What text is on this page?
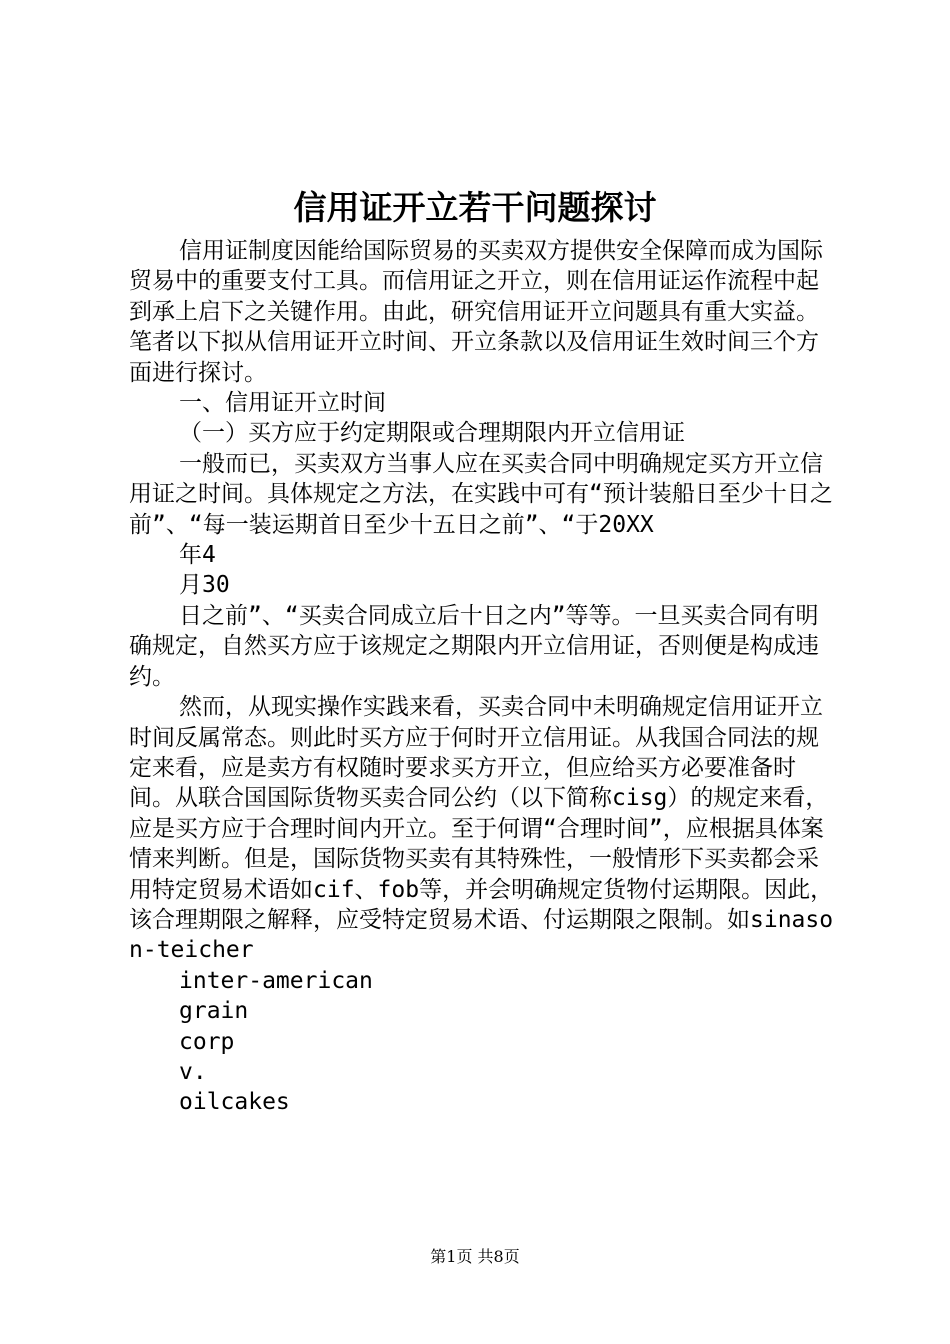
信用证开立若干问题探讨

信用证制度因能给国际贸易的买卖双方提供安全保障而成为国际贸易中的重要支付工具。而信用证之开立，则在信用证运作流程中起到承上启下之关键作用。由此，研究信用证开立问题具有重大实益。笔者以下拟从信用证开立时间、开立条款以及信用证生效时间三个方面进行探讨。

一、信用证开立时间

（一）买方应于约定期限或合理期限内开立信用证

一般而已，买卖双方当事人应在买卖合同中明确规定买方开立信用证之时间。具体规定之方法，在实践中可有“预计装船日至少十日之前”、“每一装运期首日至少十五日之前”、“于20XX

年4

月30

日之前”、“买卖合同成立后十日之内”等等。一旦买卖合同有明确规定，自然买方应于该规定之期限内开立信用证，否则便是构成违约。

然而，从现实操作实践来看，买卖合同中未明确规定信用证开立时间反属常态。则此时买方应于何时开立信用证。从我国合同法的规定来看，应是卖方有权随时要求买方开立，但应给买方必要准备时间。从联合国国际货物买卖合同公约（以下简称cisg）的规定来看，应是买方应于合理时间内开立。至于何谓“合理时间”，应根据具体案情来判断。但是，国际货物买卖有其特殊性，一般情形下买卖都会采用特定贸易术语如cif、fob等，并会明确规定货物付运期限。因此，该合理期限之解释，应受特定贸易术语、付运期限之限制。如sinason-teicher

inter-american

grain

corp

v.

oilcakes

第1页 共8页
